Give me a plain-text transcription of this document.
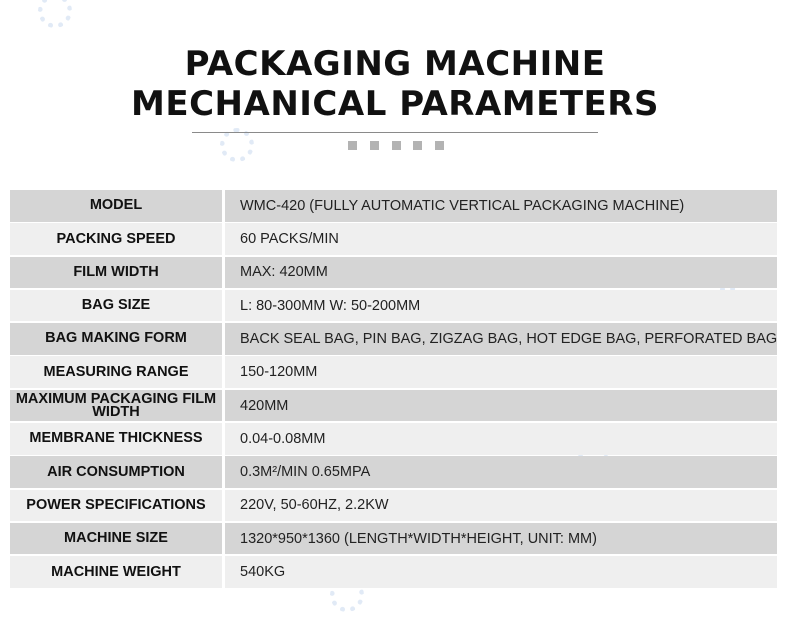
PACKAGING MACHINE
MECHANICAL PARAMETERS
MODEL	WMC-420 (FULLY AUTOMATIC VERTICAL PACKAGING MACHINE)
PACKING SPEED	60 PACKS/MIN
FILM WIDTH	MAX: 420MM
BAG SIZE	L: 80-300MM W: 50-200MM
BAG MAKING FORM	BACK SEAL BAG, PIN BAG, ZIGZAG BAG, HOT EDGE BAG, PERFORATED BAG
MEASURING RANGE	150-120MM
MAXIMUM PACKAGING FILM WIDTH	420MM
MEMBRANE THICKNESS	0.04-0.08MM
AIR CONSUMPTION	0.3M²/MIN 0.65MPA
POWER SPECIFICATIONS	220V, 50-60HZ, 2.2KW
MACHINE SIZE	1320*950*1360 (LENGTH*WIDTH*HEIGHT, UNIT: MM)
MACHINE WEIGHT	540KG
